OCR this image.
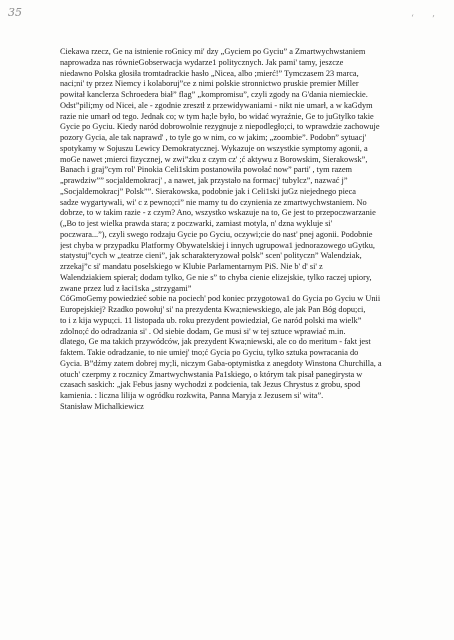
35	‘ ’
Ciekawa rzecz, Ge na istnienie roGnicy mi' dzy „Gyciem po Gyciu” a Zmartwychwstaniem
naprowadza nas równieGobserwacja wydarze1 politycznych. Jak pami' tamy, jeszcze
niedawno Polska głosiła tromtadrackie hasło „Nicea, albo ;mierć!” Tymczasem 23 marca,
naci;ni' ty przez Niemcy i kolaboruj”ce z nimi polskie stronnictwo pruskie premier Miller
powitał kanclerza Schroedera biał” flag” „kompromisu”, czyli zgody na G'dania niemieckie.
Odst”pili;my od Nicei, ale - zgodnie zresztł z przewidywaniami - nikt nie umarł, a w kaGdym
razie nie umarł od tego. Jednak co; w tym ha;le było, bo widać wyraźnie, Ge to juGtylko takie
Gycie po Gyciu. Kiedy naród dobrowolnie rezygnuje z niepodległo;ci, to wprawdzie zachowuje
pozory Gycia, ale tak naprawd' , to tyle go w nim, co w jakim; „zoombie”. Podobn” sytuacj'
spotykamy w Sojuszu Lewicy Demokratycznej. Wykazuje on wszystkie symptomy agonii, a
moGe nawet ;mierci fizycznej, w zwi”zku z czym cz' ;ć aktywu z Borowskim, Sierakowsk”,
Banach i graj”cym rol' Pinokia Celi1skim postanowiła powołać now” parti' , tym razem
„prawdziw”” socjaldemokracj' , a nawet, jak przystało na formacj' tubylcz”, nazwać j”
„Socjaldemokracj” Polsk””. Sierakowska, podobnie jak i Celi1ski juGz niejednego pieca
sadze wygartywali, wi' c z pewno;ci” nie mamy tu do czynienia ze zmartwychwstaniem. No
dobrze, to w takim razie - z czym? Ano, wszystko wskazuje na to, Ge jest to przepoczwarzanie
(„Bo to jest wielka prawda stara; z poczwarki, zamiast motyla, n' dzna wykluje si'
poczwara...”), czyli swego rodzaju Gycie po Gyciu, oczywi;cie do nast' pnej agonii. Podobnie
jest chyba w przypadku Platformy Obywatelskiej i innych ugrupowa1 jednorazowego uGytku,
statystuj”cych w „teatrze cieni”, jak scharakteryzował polsk” scen' polityczn” Walendziak,
zrzekaj”c si' mandatu poselskiego w Klubie Parlamentarnym PiS. Nie b' d' si' z
Walendziakiem spierał; dodam tylko, Ge nie s” to chyba cienie elizejskie, tylko raczej upiory,
zwane przez lud z łaci1ska „strzygami”
CóGmoGemy powiedzieć sobie na pociech' pod koniec przygotowa1 do Gycia po Gyciu w Unii
Europejskiej? Rzadko powołuj' si' na prezydenta Kwa;niewskiego, ale jak Pan Bóg dopu;ci,
to i z kija wypu;ci. 11 listopada ub. roku prezydent powiedział, Ge naród polski ma wielk”
zdolno;ć do odradzania si' . Od siebie dodam, Ge musi si' w tej sztuce wprawiać m.in.
dlatego, Ge ma takich przywódców, jak prezydent Kwa;niewski, ale co do meritum - fakt jest
faktem. Takie odradzanie, to nie umiej' tno;ć Gycia po Gyciu, tylko sztuka powracania do
Gycia. B”dźmy zatem dobrej my;li, niczym Gaba-optymistka z anegdoty Winstona Churchilla, a
otuch' czerpmy z rocznicy Zmartwychwstania Pa1skiego, o którym tak pisał panegirysta w
czasach saskich: „jak Febus jasny wychodzi z podcienia, tak Jezus Chrystus z grobu, spod
kamienia. : liczna lilija w ogródku rozkwita, Panna Maryja z Jezusem si' wita”.
Stanisław Michalkiewicz
